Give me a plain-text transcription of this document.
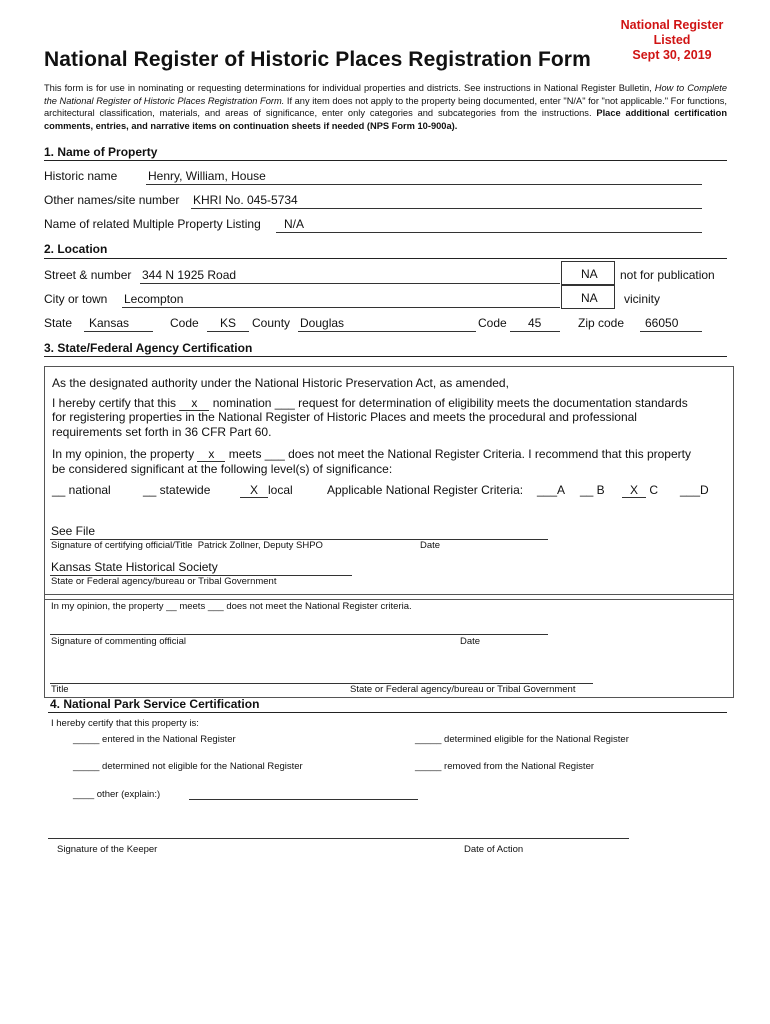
National Register of Historic Places Registration Form
National Register
Listed
Sept 30, 2019
This form is for use in nominating or requesting determinations for individual properties and districts. See instructions in National Register Bulletin, How to Complete the National Register of Historic Places Registration Form. If any item does not apply to the property being documented, enter "N/A" for "not applicable." For functions, architectural classification, materials, and areas of significance, enter only categories and subcategories from the instructions. Place additional certification comments, entries, and narrative items on continuation sheets if needed (NPS Form 10-900a).
1. Name of Property
Historic name	Henry, William, House
Other names/site number KHRI No. 045-5734
Name of related Multiple Property Listing N/A
2. Location
Street & number 344 N 1925 Road	NA not for publication
City or town Lecompton	NA vicinity
State Kansas	Code KS County Douglas	Code 45	Zip code 66050
3. State/Federal Agency Certification
As the designated authority under the National Historic Preservation Act, as amended,
I hereby certify that this x nomination ___ request for determination of eligibility meets the documentation standards
for registering properties in the National Register of Historic Places and meets the procedural and professional
requirements set forth in 36 CFR Part 60.
In my opinion, the property x meets ___ does not meet the National Register Criteria. I recommend that this property
be considered significant at the following level(s) of significance:
__ national	__ statewide	X local	Applicable National Register Criteria: ___A __ B	X C ___D
See File
Signature of certifying official/Title Patrick Zollner, Deputy SHPO	Date
Kansas State Historical Society
State or Federal agency/bureau or Tribal Government
In my opinion, the property __ meets ___ does not meet the National Register criteria.
Signature of commenting official	Date
Title	State or Federal agency/bureau or Tribal Government
4. National Park Service Certification
I hereby certify that this property is:
_____ entered in the National Register	_____ determined eligible for the National Register
_____ determined not eligible for the National Register	_____ removed from the National Register
____ other (explain:)
Signature of the Keeper	Date of Action
